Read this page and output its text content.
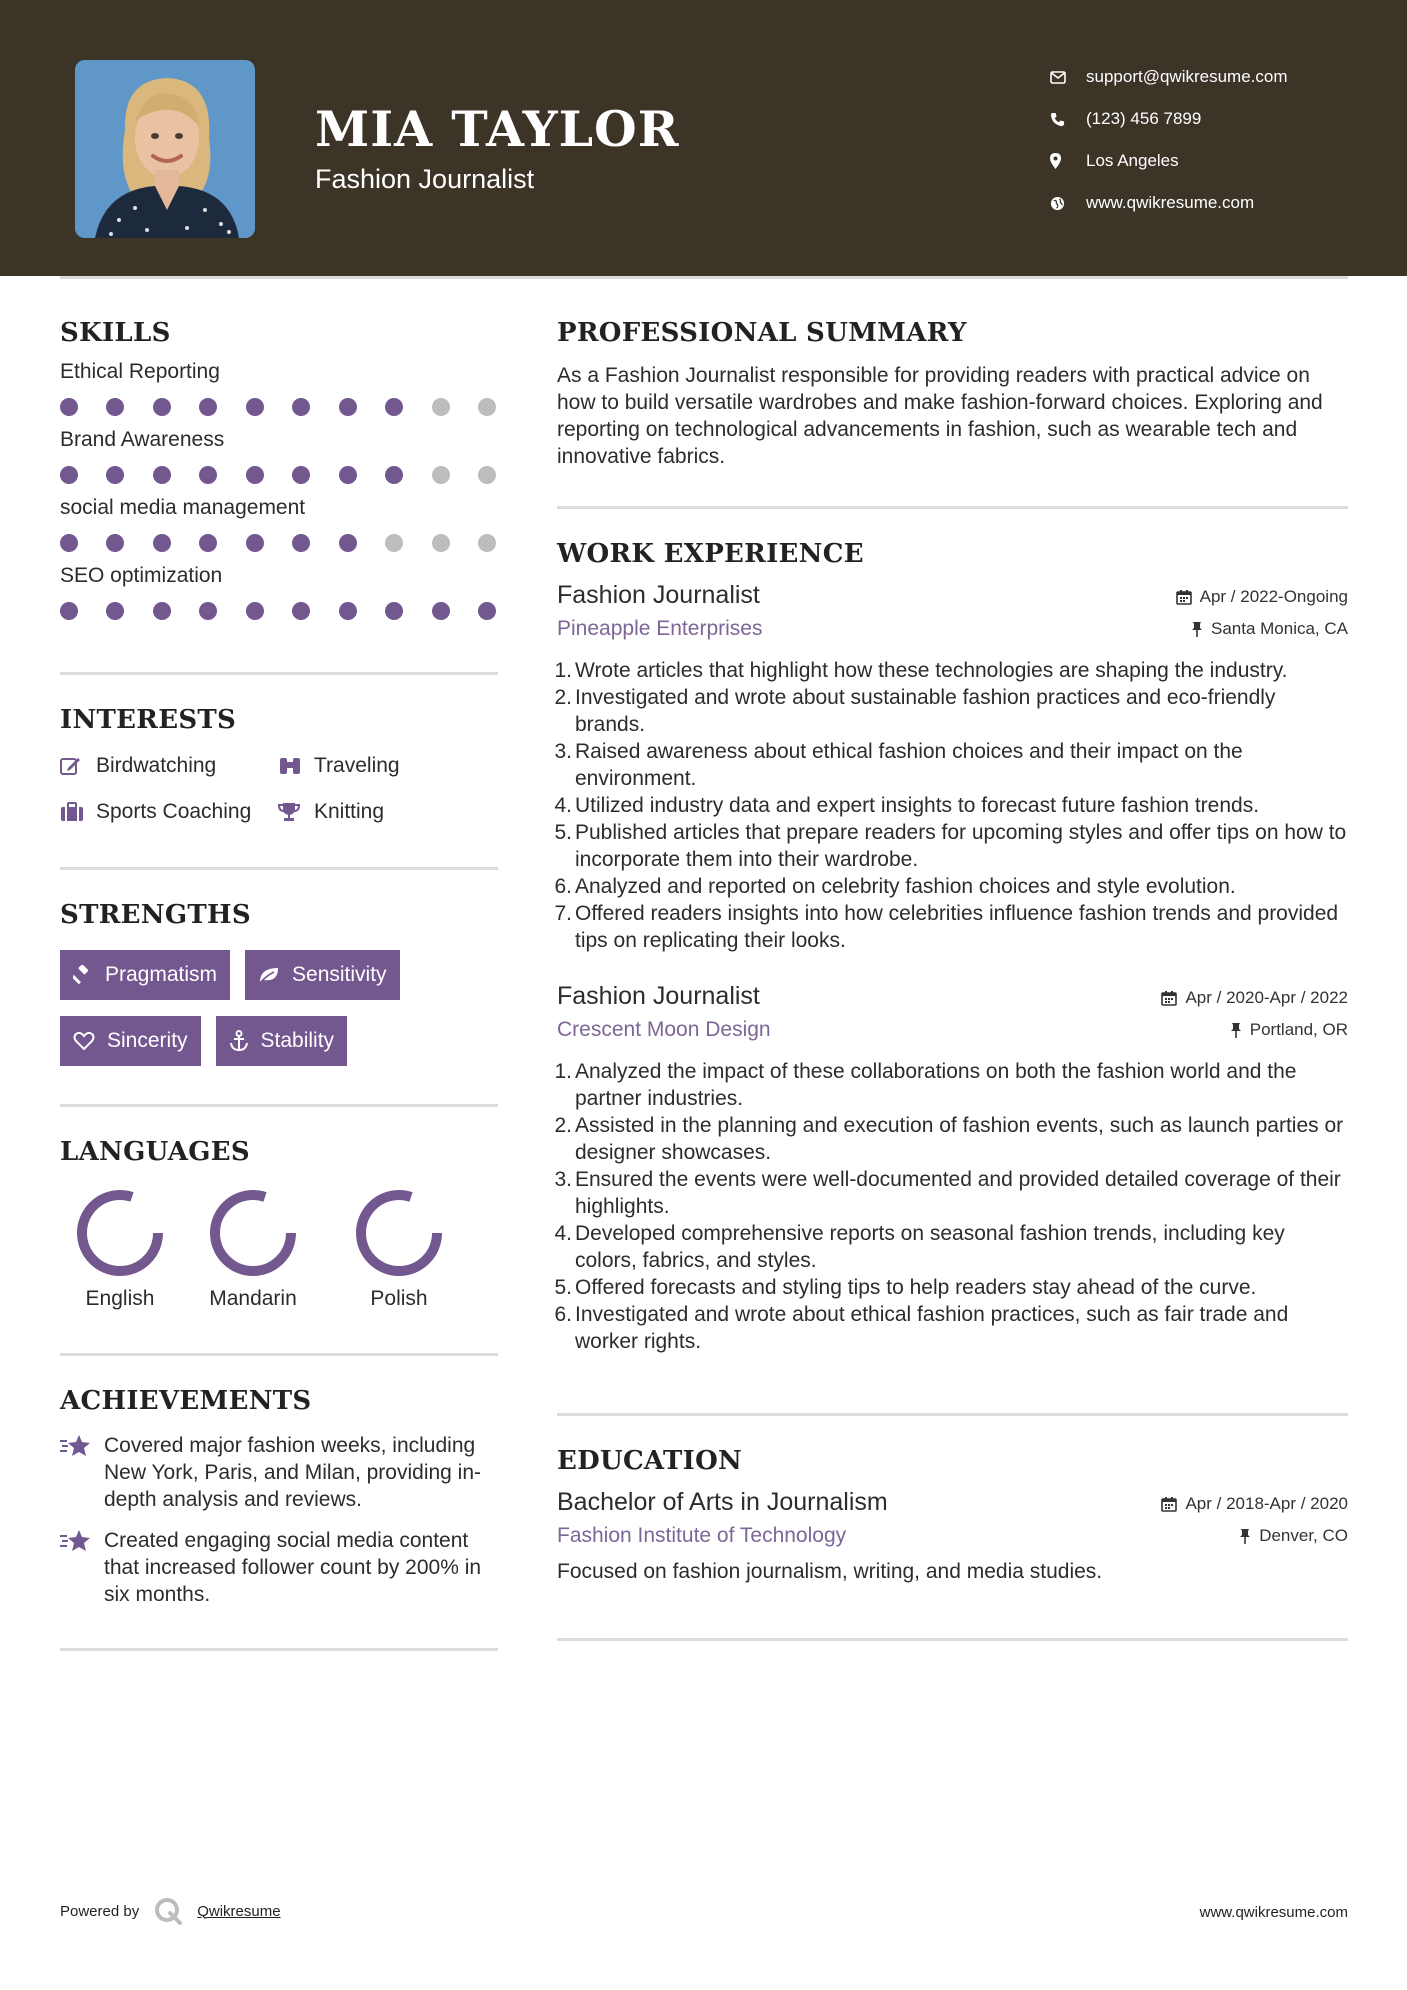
MIA TAYLOR
Fashion Journalist
support@qwikresume.com
(123) 456 7899
Los Angeles
www.qwikresume.com
SKILLS
Ethical Reporting
Brand Awareness
social media management
SEO optimization
INTERESTS
Birdwatching	Traveling
Sports Coaching	Knitting
STRENGTHS
Pragmatism	Sensitivity
Sincerity	Stability
LANGUAGES
English	Mandarin	Polish
ACHIEVEMENTS
Covered major fashion weeks, including New York, Paris, and Milan, providing in-depth analysis and reviews.
Created engaging social media content that increased follower count by 200% in six months.
PROFESSIONAL SUMMARY

As a Fashion Journalist responsible for providing readers with practical advice on how to build versatile wardrobes and make fashion-forward choices. Exploring and reporting on technological advancements in fashion, such as wearable tech and innovative fabrics.

WORK EXPERIENCE
Fashion Journalist
Pineapple Enterprises
Apr / 2022-Ongoing
Santa Monica, CA
Wrote articles that highlight how these technologies are shaping the industry.
Investigated and wrote about sustainable fashion practices and eco-friendly brands.
Raised awareness about ethical fashion choices and their impact on the environment.
Utilized industry data and expert insights to forecast future fashion trends.
Published articles that prepare readers for upcoming styles and offer tips on how to incorporate them into their wardrobe.
Analyzed and reported on celebrity fashion choices and style evolution.
Offered readers insights into how celebrities influence fashion trends and provided tips on replicating their looks.
Fashion Journalist
Crescent Moon Design
Apr / 2020-Apr / 2022
Portland, OR
Analyzed the impact of these collaborations on both the fashion world and the partner industries.
Assisted in the planning and execution of fashion events, such as launch parties or designer showcases.
Ensured the events were well-documented and provided detailed coverage of their highlights.
Developed comprehensive reports on seasonal fashion trends, including key colors, fabrics, and styles.
Offered forecasts and styling tips to help readers stay ahead of the curve.
Investigated and wrote about ethical fashion practices, such as fair trade and worker rights.
EDUCATION
Bachelor of Arts in Journalism
Fashion Institute of Technology
Apr / 2018-Apr / 2020
Denver, CO

Focused on fashion journalism, writing, and media studies.

Powered by	Qwikresume	www.qwikresume.com
